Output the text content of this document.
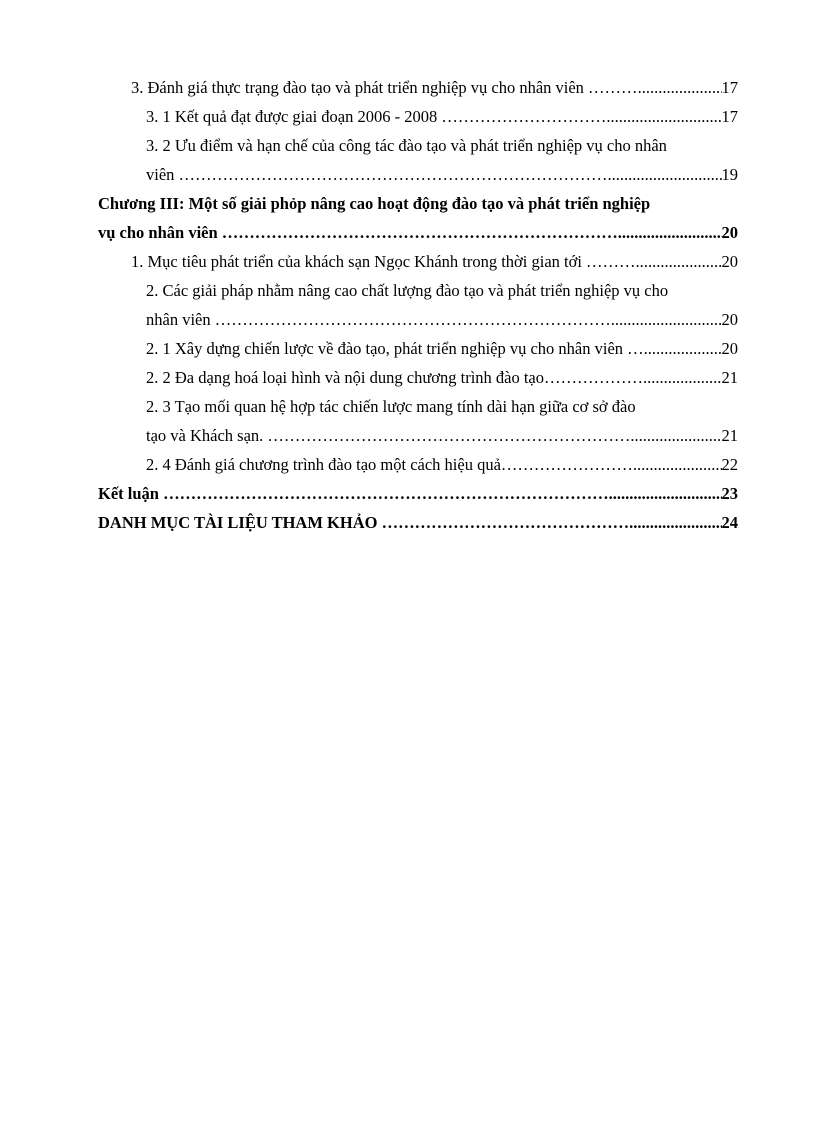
3. Đánh giá thực trạng đào tạo và phát triển nghiệp vụ cho nhân viên ……… .....	17
3. 1 Kết quả đạt được giai đoạn 2006 - 2008 ………………………….. .....	17
3. 2 Ưu điểm và hạn chế của công tác đào tạo và phát triển nghiệp vụ cho nhân
viên …………………………………………………………………… .....	19
Chương III: Một số giải phỏp nâng cao hoạt động đào tạo và phát triển nghiệp
vụ cho nhân viên ……………………………………………………………… .....	20
1. Mục tiêu phát triển của khách sạn Ngọc Khánh trong thời gian tới ……….. .....	20
2. Các giải pháp nhằm nâng cao chất lượng đào tạo và phát triển nghiệp vụ cho
nhân viên ……………………………………………………………… .....	20
2. 1 Xây dựng chiến lược về đào tạo, phát triển nghiệp vụ cho nhân viên … .....	20
2. 2 Đa dạng hoá loại hình và nội dung chương trình đào tạo……………….. .....	21
2. 3 Tạo mối quan hệ hợp tác chiến lược mang tính dài hạn giữa cơ sở đào
tạo và Khách sạn. ………………………………………………………….. .....	21
2. 4 Đánh giá chương trình đào tạo một cách hiệu quả…………………….. .....	22
Kết luận ……………………………………………………………………… .....	23
DANH MỤC TÀI LIỆU THAM KHẢO ……………………………………… .....	24
